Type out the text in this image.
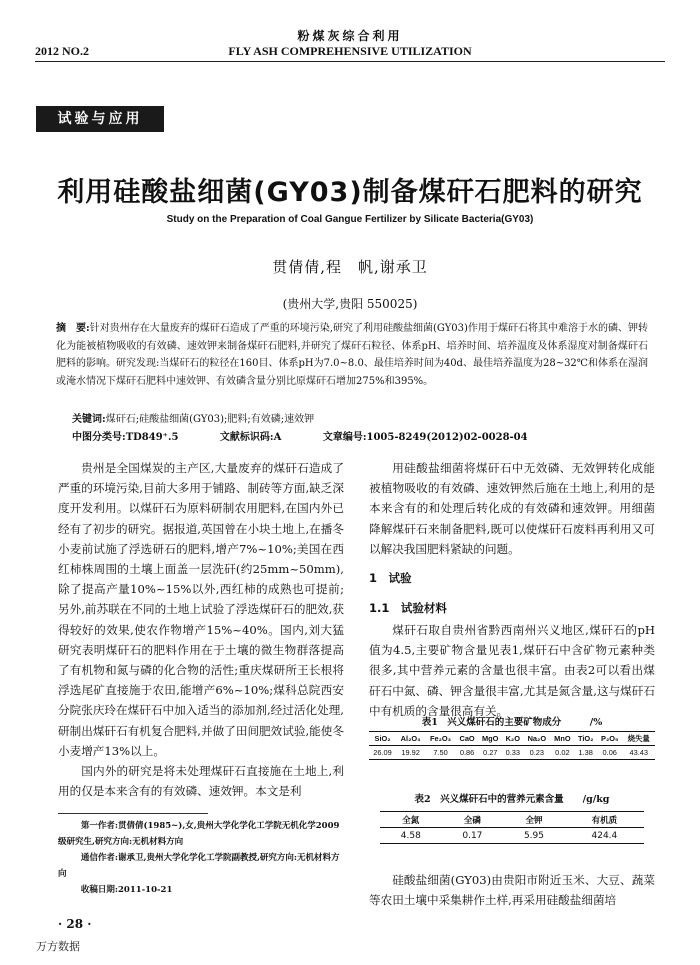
粉煤灰综合利用
2012 NO.2	FLY ASH COMPREHENSIVE UTILIZATION
试验与应用
利用硅酸盐细菌(GY03)制备煤矸石肥料的研究
Study on the Preparation of Coal Gangue Fertilizer by Silicate Bacteria(GY03)
贯倩倩,程　帆,谢承卫
(贵州大学,贵阳 550025)
摘　要:针对贵州存在大量废弃的煤矸石造成了严重的环境污染,研究了利用硅酸盐细菌(GY03)作用于煤矸石将其中难溶于水的磷、钾转化为能被植物吸收的有效磷、速效钾来制备煤矸石肥料,并研究了煤矸石粒径、体系pH、培养时间、培养温度及体系湿度对制备煤矸石肥料的影响。研究发现:当煤矸石的粒径在160目、体系pH为7.0~8.0、最佳培养时间为40d、最佳培养温度为28~32℃和体系在湿润或淹水情况下煤矸石肥料中速效钾、有效磷含量分别比原煤矸石增加275%和395%。
关键词:煤矸石;硅酸盐细菌(GY03);肥料;有效磷;速效钾
中图分类号:TD849⁺.5	文献标识码:A	文章编号:1005-8249(2012)02-0028-04

贵州是全国煤炭的主产区,大量废弃的煤矸石造成了严重的环境污染,目前大多用于铺路、制砖等方面,缺乏深度开发利用。以煤矸石为原料研制农用肥料,在国内外已经有了初步的研究。据报道,英国曾在小块土地上,在播冬小麦前试施了浮选研石的肥料,增产7%~10%;美国在西红柿株周围的土壤上面盖一层洗矸(约25mm~50mm),除了提高产量10%~15%以外,西红柿的成熟也可提前;另外,前苏联在不同的土地上试验了浮选煤矸石的肥效,获得较好的效果,使农作物增产15%~40%。国内,刘大猛研究表明煤矸石的肥料作用在于土壤的微生物群落提高了有机物和氮与磷的化合物的活性;重庆煤研所王长根将浮选尾矿直接施于农田,能增产6%~10%;煤科总院西安分院张庆玲在煤矸石中加入适当的添加剂,经过活化处理,研制出煤矸石有机复合肥料,并做了田间肥效试验,能使冬小麦增产13%以上。

国内外的研究是将未处理煤矸石直接施在土地上,利用的仅是本来含有的有效磷、速效钾。本文是利

第一作者:贯倩倩(1985~),女,贵州大学化学化工学院无机化学2009级研究生,研究方向:无机材料方向
通信作者:谢承卫,贵州大学化学化工学院副教授,研究方向:无机材料方向
收稿日期:2011-10-21
· 28 ·
万方数据

用硅酸盐细菌将煤矸石中无效磷、无效钾转化成能被植物吸收的有效磷、速效钾然后施在土地上,利用的是本来含有的和处理后转化成的有效磷和速效钾。用细菌降解煤矸石来制备肥料,既可以使煤矸石废料再利用又可以解决我国肥料紧缺的问题。

1　试验
1.1　试验材料

煤矸石取自贵州省黔西南州兴义地区,煤矸石的pH值为4.5,主要矿物含量见表1,煤矸石中含矿物元素种类很多,其中营养元素的含量也很丰富。由表2可以看出煤矸石中氮、磷、钾含量很丰富,尤其是氮含量,这与煤矸石中有机质的含量很高有关。

表1　兴义煤矸石的主要矿物成分　　　/%
SiO₂	Al₂O₃	Fe₂O₃	CaO	MgO	K₂O	Na₂O	MnO	TiO₂	P₂O₅	烧失量
26.09	19.92	7.50	0.86	0.27	0.33	0.23	0.02	1.38	0.06	43.43
表2　兴义煤矸石中的营养元素含量　　/g/kg
全氮	全磷	全钾	有机质
4.58	0.17	5.95	424.4

硅酸盐细菌(GY03)由贵阳市附近玉米、大豆、蔬菜等农田土壤中采集耕作土样,再采用硅酸盐细菌培
